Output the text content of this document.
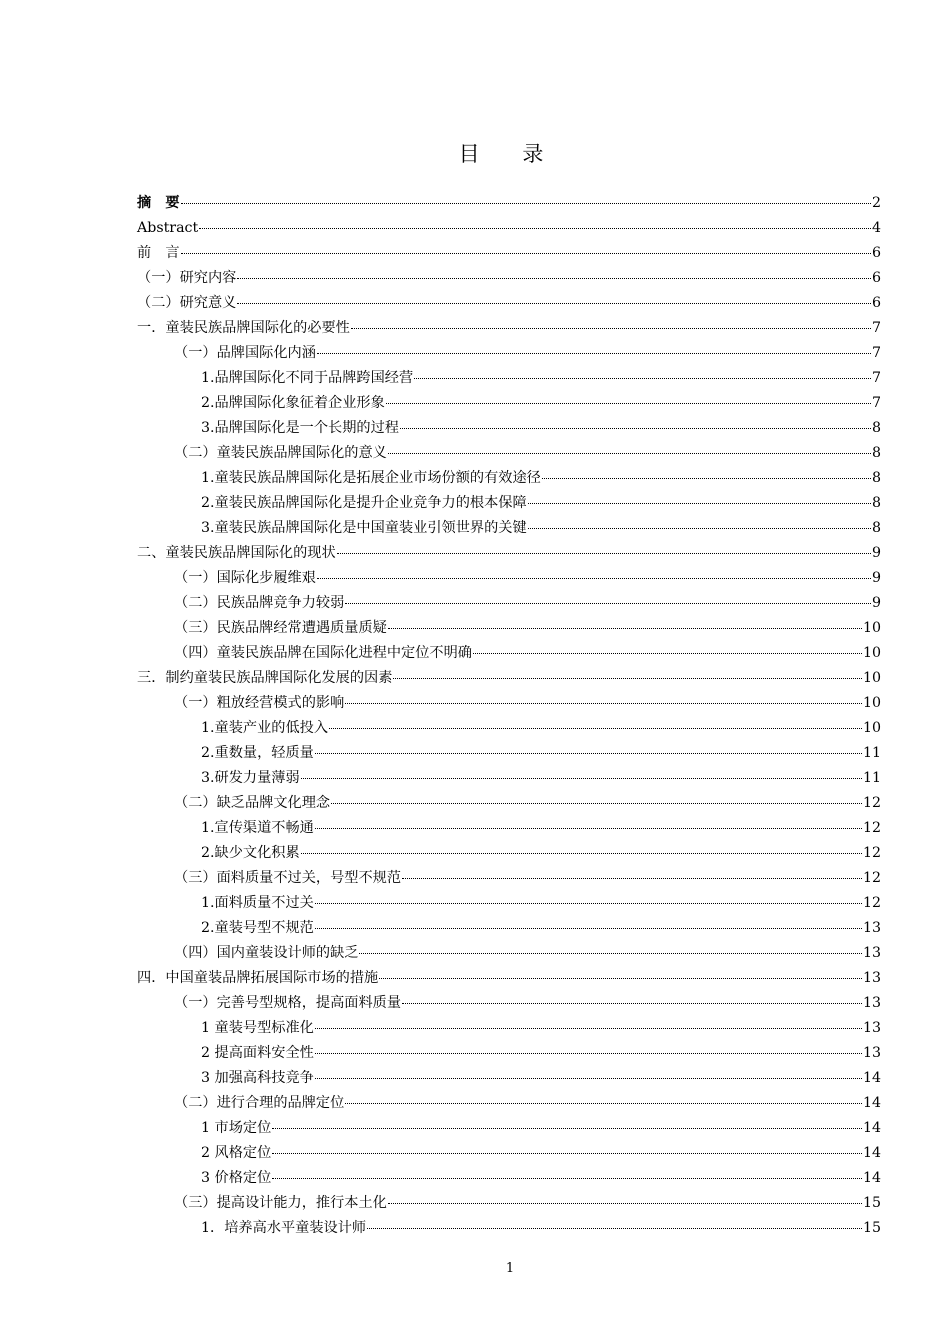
目 录
摘　要	2
Abstract	4
前　言	6
（一）研究内容	6
（二）研究意义	6
一．童装民族品牌国际化的必要性	7
（一）品牌国际化内涵	7
1.品牌国际化不同于品牌跨国经营	7
2.品牌国际化象征着企业形象	7
3.品牌国际化是一个长期的过程	8
（二）童装民族品牌国际化的意义	8
1.童装民族品牌国际化是拓展企业市场份额的有效途径	8
2.童装民族品牌国际化是提升企业竞争力的根本保障	8
3.童装民族品牌国际化是中国童装业引领世界的关键	8
二、童装民族品牌国际化的现状	9
（一）国际化步履维艰	9
（二）民族品牌竞争力较弱	9
（三）民族品牌经常遭遇质量质疑	10
（四）童装民族品牌在国际化进程中定位不明确	10
三．制约童装民族品牌国际化发展的因素	10
（一）粗放经营模式的影响	10
1.童装产业的低投入	10
2.重数量，轻质量	11
3.研发力量薄弱	11
（二）缺乏品牌文化理念	12
1.宣传渠道不畅通	12
2.缺少文化积累	12
（三）面料质量不过关，号型不规范	12
1.面料质量不过关	12
2.童装号型不规范	13
（四）国内童装设计师的缺乏	13
四．中国童装品牌拓展国际市场的措施	13
（一）完善号型规格，提高面料质量	13
1 童装号型标准化	13
2 提高面料安全性	13
3 加强高科技竞争	14
（二）进行合理的品牌定位	14
1 市场定位	14
2 风格定位	14
3 价格定位	14
（三）提高设计能力，推行本土化	15
1．培养高水平童装设计师	15
1
